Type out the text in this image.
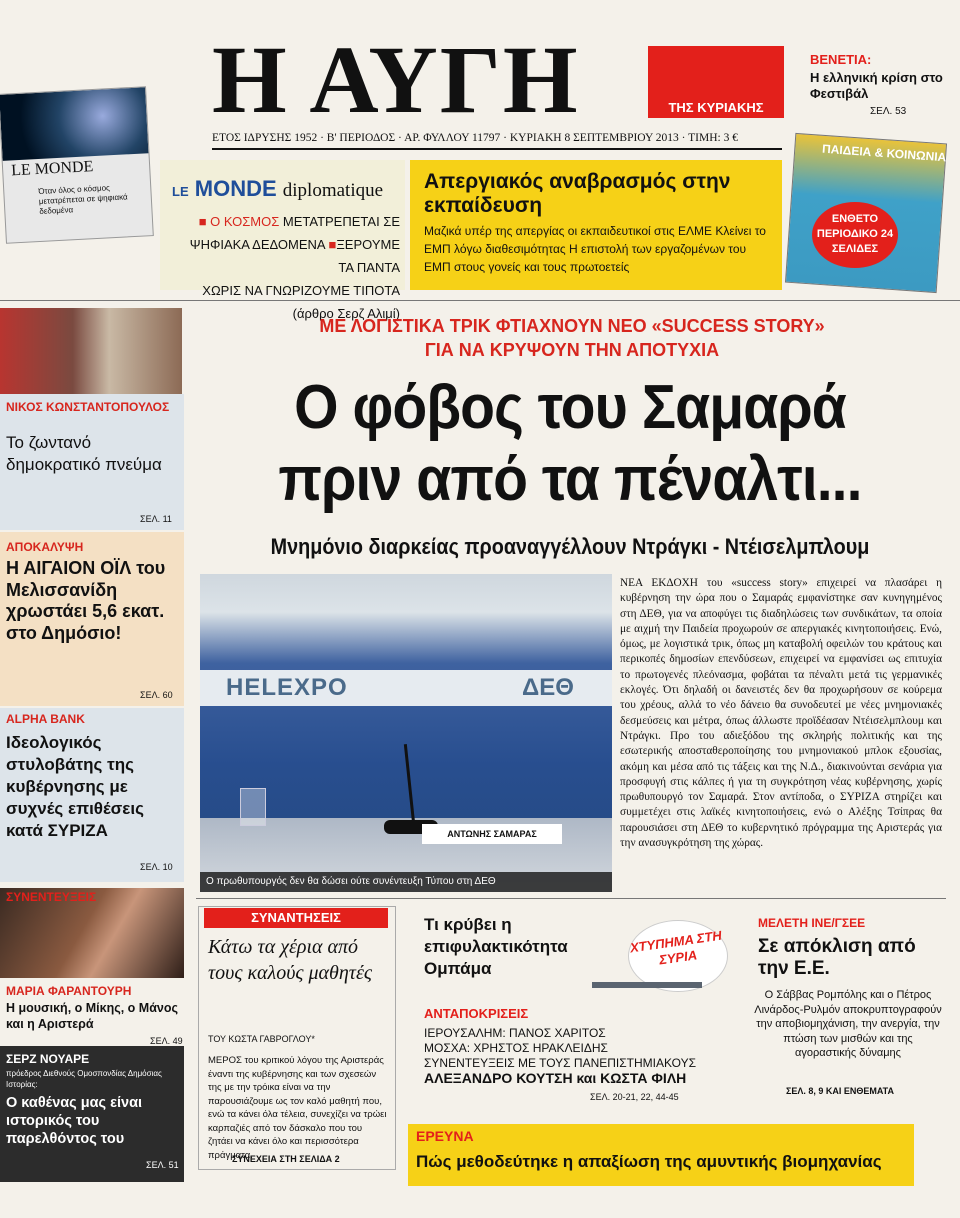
Η ΑΥΓΗ	ΤΗΣ ΚΥΡΙΑΚΗΣ
ΕΤΟΣ ΙΔΡΥΣΗΣ 1952 · Β' ΠΕΡΙΟΔΟΣ · ΑΡ. ΦΥΛΛΟΥ 11797 · ΚΥΡΙΑΚΗ 8 ΣΕΠΤΕΜΒΡΙΟΥ 2013 · ΤΙΜΗ: 3 €
ΒΕΝΕΤΙΑ:
Η ελληνική κρίση στο Φεστιβάλ
ΣΕΛ. 53
LE MONDE
Όταν όλος ο κόσμος μετατρέπεται σε ψηφιακά δεδομένα
LE MONDE diplomatique
■ Ο ΚΟΣΜΟΣ ΜΕΤΑΤΡΕΠΕΤΑΙ ΣΕ
ΨΗΦΙΑΚΑ ΔΕΔΟΜΕΝΑ ■ΞΕΡΟΥΜΕ ΤΑ ΠΑΝΤΑ
ΧΩΡΙΣ ΝΑ ΓΝΩΡΙΖΟΥΜΕ ΤΙΠΟΤΑ (άρθρο Σερζ Αλιμί)
Απεργιακός αναβρασμός στην εκπαίδευση
Μαζικά υπέρ της απεργίας οι εκπαιδευτικοί στις ΕΛΜΕ Κλείνει το ΕΜΠ λόγω διαθεσιμότητας Η επιστολή των εργαζομένων του ΕΜΠ στους γονείς και τους πρωτοετείς
ΠΑΙΔΕΙΑ & ΚΟΙΝΩΝΙΑ
ΕΝΘΕΤΟ ΠΕΡΙΟΔΙΚΟ 24 ΣΕΛΙΔΕΣ
ΝΙΚΟΣ ΚΩΝΣΤΑΝΤΟΠΟΥΛΟΣ
Το ζωντανό δημοκρατικό πνεύμα
ΣΕΛ. 11
ΑΠΟΚΑΛΥΨΗ
Η ΑΙΓΑΙΟΝ ΟΪΛ του Μελισσανίδη χρωστάει 5,6 εκατ. στο Δημόσιο!
ΣΕΛ. 60
ALPHA BANK
Ιδεολογικός στυλοβάτης της κυβέρνησης με συχνές επιθέσεις κατά ΣΥΡΙΖΑ
ΣΕΛ. 10
ΣΥΝΕΝΤΕΥΞΕΙΣ
ΜΑΡΙΑ ΦΑΡΑΝΤΟΥΡΗ
Η μουσική, ο Μίκης, ο Μάνος και η Αριστερά
ΣΕΛ. 49
ΣΕΡΖ ΝΟΥΑΡΕ
πρόεδρος Διεθνούς Ομοσπονδίας Δημόσιας Ιστορίας:
Ο καθένας μας είναι ιστορικός του παρελθόντος του
ΣΕΛ. 51
ΜΕ ΛΟΓΙΣΤΙΚΑ ΤΡΙΚ ΦΤΙΑΧΝΟΥΝ ΝΕΟ «SUCCESS STORY»
ΓΙΑ ΝΑ ΚΡΥΨΟΥΝ ΤΗΝ ΑΠΟΤΥΧΙΑ
Ο φόβος του Σαμαρά
πριν από τα πέναλτι...
Μνημόνιο διαρκείας προαναγγέλλουν Ντράγκι - Ντέισελμπλουμ
HELEXPO	ΔΕΘ
ΑΝΤΩΝΗΣ ΣΑΜΑΡΑΣ
Ο πρωθυπουργός δεν θα δώσει ούτε συνέντευξη Τύπου στη ΔΕΘ
ΝΕΑ ΕΚΔΟΧΗ του «success story» επιχειρεί να πλασάρει η κυβέρνηση την ώρα που ο Σαμαράς εμφανίστηκε σαν κυνηγημένος στη ΔΕΘ, για να αποφύγει τις διαδηλώσεις των συνδικάτων, τα οποία με αιχμή την Παιδεία προχωρούν σε απεργιακές κινητοποιήσεις. Ενώ, όμως, με λογιστικά τρικ, όπως μη καταβολή οφειλών του κράτους και περικοπές δημοσίων επενδύσεων, επιχειρεί να εμφανίσει ως επιτυχία το πρωτογενές πλεόνασμα, φοβάται τα πέναλτι μετά τις γερμανικές εκλογές. Ότι δηλαδή οι δανειστές δεν θα προχωρήσουν σε κούρεμα του χρέους, αλλά το νέο δάνειο θα συνοδευτεί με νέες μνημονιακές δεσμεύσεις και μέτρα, όπως άλλωστε προϊδέασαν Ντέισελμπλουμ και Ντράγκι. Προ του αδιεξόδου της σκληρής πολιτικής και της εσωτερικής αποσταθεροποίησης του μνημονιακού μπλοκ εξουσίας, ακόμη και μέσα από τις τάξεις και της Ν.Δ., διακινούνται σενάρια για προσφυγή στις κάλπες ή για τη συγκρότηση νέας κυβέρνησης, χωρίς πρωθυπουργό τον Σαμαρά. Στον αντίποδα, ο ΣΥΡΙΖΑ στηρίζει και συμμετέχει στις λαϊκές κινητοποιήσεις, ενώ ο Αλέξης Τσίπρας θα παρουσιάσει στη ΔΕΘ το κυβερνητικό πρόγραμμα της Αριστεράς για την ανασυγκρότηση της χώρας.
ΣΥΝΑΝΤΗΣΕΙΣ
Κάτω τα χέρια από τους καλούς μαθητές
ΤΟΥ ΚΩΣΤΑ ΓΑΒΡΟΓΛΟΥ*
ΜΕΡΟΣ του κριτικού λόγου της Αριστεράς έναντι της κυβέρνησης και των σχεσεών της με την τρόικα είναι να την παρουσιάζουμε ως τον καλό μαθητή που, ενώ τα κάνει όλα τέλεια, συνεχίζει να τρώει καρπαζιές από τον δάσκαλο που του ζητάει να κάνει όλο και περισσότερα πράγματα.
ΣΥΝΕΧΕΙΑ ΣΤΗ ΣΕΛΙΔΑ 2
Τι κρύβει η επιφυλακτικότητα Ομπάμα
ΧΤΥΠΗΜΑ ΣΤΗ ΣΥΡΙΑ
ΑΝΤΑΠΟΚΡΙΣΕΙΣ
ΙΕΡΟΥΣΑΛΗΜ: ΠΑΝΟΣ ΧΑΡΙΤΟΣ
ΜΟΣΧΑ: ΧΡΗΣΤΟΣ ΗΡΑΚΛΕΙΔΗΣ
ΣΥΝΕΝΤΕΥΞΕΙΣ ΜΕ ΤΟΥΣ ΠΑΝΕΠΙΣΤΗΜΙΑΚΟΥΣ
ΑΛΕΞΑΝΔΡΟ ΚΟΥΤΣΗ και ΚΩΣΤΑ ΦΙΛΗ
ΣΕΛ. 20-21, 22, 44-45
ΜΕΛΕΤΗ ΙΝΕ/ΓΣΕΕ
Σε απόκλιση από την Ε.Ε.
Ο Σάββας Ρομπόλης και ο Πέτρος Λινάρδος-Ρυλμόν αποκρυπτογραφούν την αποβιομηχάνιση, την ανεργία, την πτώση των μισθών και της αγοραστικής δύναμης
ΣΕΛ. 8, 9 ΚΑΙ ΕΝΘΕΜΑΤΑ
ΕΡΕΥΝΑ
Πώς μεθοδεύτηκε η απαξίωση της αμυντικής βιομηχανίας
